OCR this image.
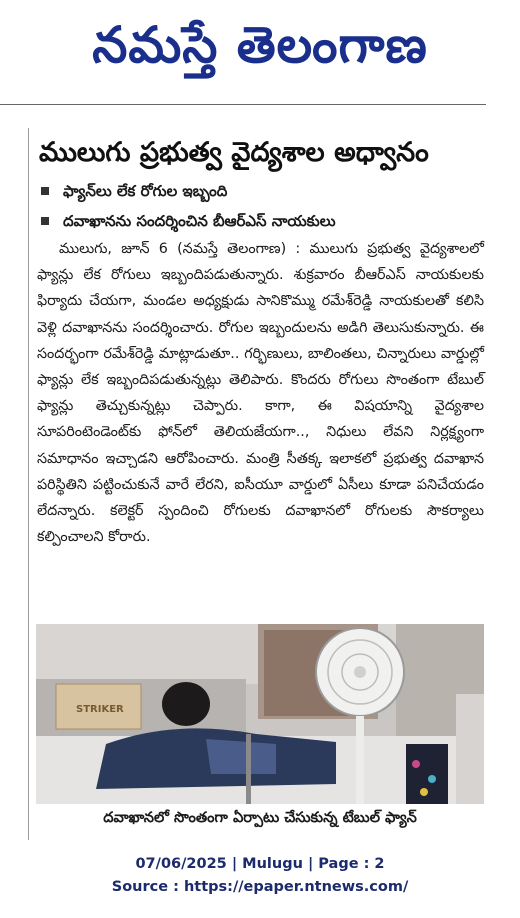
నమస్తే తెలంగాణ
ములుగు ప్రభుత్వ వైద్యశాల అధ్వానం
ఫ్యాన్‌లు లేక రోగుల ఇబ్బంది
దవాఖానను సందర్శించిన బీఆర్‌ఎస్ నాయకులు

ములుగు, జూన్ 6 (నమస్తే తెలంగాణ) : ములుగు ప్రభుత్వ వైద్యశాలలో ఫ్యాన్లు లేక రోగులు ఇబ్బందిపడుతున్నారు. శుక్రవారం బీఆర్ఎస్ నాయకులకు ఫిర్యాదు చేయగా, మండల అధ్యక్షుడు సానికొమ్ము రమేశ్‌రెడ్డి నాయకులతో కలిసి వెళ్లి దవాఖానను సందర్శించారు. రోగుల ఇబ్బందులను అడిగి తెలుసుకున్నారు. ఈ సందర్భంగా రమేశ్‌రెడ్డి మాట్లాడుతూ.. గర్భిణులు, బాలింతలు, చిన్నారులు వార్డుల్లో ఫ్యాన్లు లేక ఇబ్బందిపడుతున్నట్లు తెలిపారు. కొందరు రోగులు సొంతంగా టేబుల్ ఫ్యాన్లు తెచ్చుకున్నట్లు చెప్పారు. కాగా, ఈ విషయాన్ని వైద్యశాల సూపరింటెండెంట్‌కు ఫోన్‌లో తెలియజేయగా.., నిధులు లేవని నిర్లక్ష్యంగా సమాధానం ఇచ్చాడని ఆరోపించారు. మంత్రి సీతక్క ఇలాకలో ప్రభుత్వ దవాఖాన పరిస్థితిని పట్టించుకునే వారే లేరని, ఐసీయూ వార్డులో ఏసీలు కూడా పనిచేయడం లేదన్నారు. కలెక్టర్ స్పందించి రోగులకు దవాఖానలో రోగులకు సౌకర్యాలు కల్పించాలని కోరారు.

STRIKER
దవాఖానలో సొంతంగా ఏర్పాటు చేసుకున్న టేబుల్ ఫ్యాన్
07/06/2025 | Mulugu | Page : 2
Source : https://epaper.ntnews.com/
